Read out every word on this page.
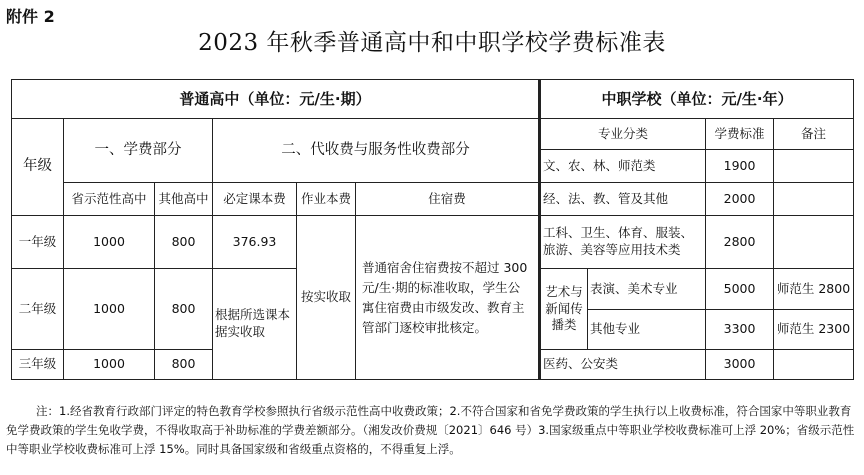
附件 2
2023 年秋季普通高中和中职学校学费标准表
普通高中（单位：元/生·期）						中职学校（单位：元/生·年）			
年级	一、学费部分		二、代收费与服务性收费部分			专业分类		学费标准	备注
						文、农、林、师范类		1900	
	省示范性高中	其他高中	必定课本费	作业本费	住宿费	经、法、教、管及其他		2000	
一年级	1000	800	376.93	按实收取	普通宿舍住宿费按不超过 300 元/生·期的标准收取，学生公寓住宿费由市级发改、教育主管部门逐校审批核定。	工科、卫生、体育、服装、旅游、美容等应用技术类		2800	
二年级	1000	800	根据所选课本据实收取			艺术与新闻传播类	表演、美术专业	5000	师范生 2800
							其他专业	3300	师范生 2300
三年级	1000	800				医药、公安类		3000	
注：1.经省教育行政部门评定的特色教育学校参照执行省级示范性高中收费政策；2.不符合国家和省免学费政策的学生执行以上收费标准，符合国家中等职业教育免学费政策的学生免收学费，不得收取高于补助标准的学费差额部分。（湘发改价费规〔2021〕646 号）3.国家级重点中等职业学校收费标准可上浮 20%；省级示范性中等职业学校收费标准可上浮 15%。同时具备国家级和省级重点资格的，不得重复上浮。
